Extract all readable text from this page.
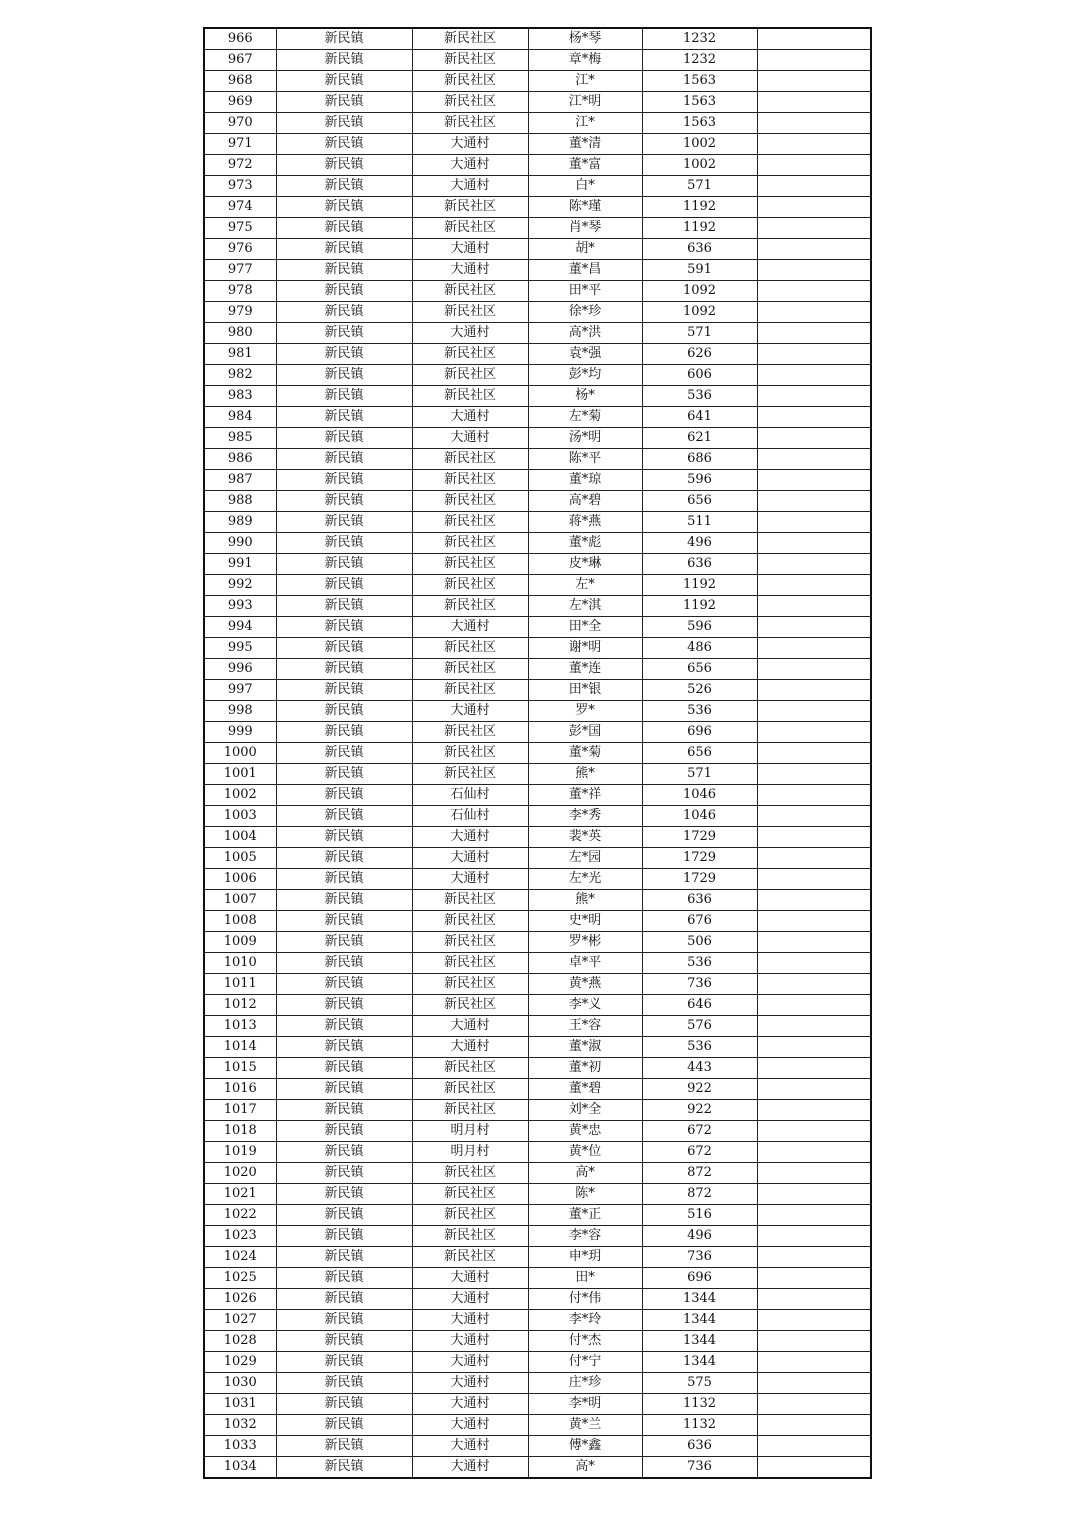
966	新民镇	新民社区	杨*琴	1232	
967	新民镇	新民社区	章*梅	1232	
968	新民镇	新民社区	江*	1563	
969	新民镇	新民社区	江*明	1563	
970	新民镇	新民社区	江*	1563	
971	新民镇	大通村	董*清	1002	
972	新民镇	大通村	董*富	1002	
973	新民镇	大通村	白*	571	
974	新民镇	新民社区	陈*瑾	1192	
975	新民镇	新民社区	肖*琴	1192	
976	新民镇	大通村	胡*	636	
977	新民镇	大通村	董*昌	591	
978	新民镇	新民社区	田*平	1092	
979	新民镇	新民社区	徐*珍	1092	
980	新民镇	大通村	高*洪	571	
981	新民镇	新民社区	袁*强	626	
982	新民镇	新民社区	彭*均	606	
983	新民镇	新民社区	杨*	536	
984	新民镇	大通村	左*菊	641	
985	新民镇	大通村	汤*明	621	
986	新民镇	新民社区	陈*平	686	
987	新民镇	新民社区	董*琼	596	
988	新民镇	新民社区	高*碧	656	
989	新民镇	新民社区	蒋*燕	511	
990	新民镇	新民社区	董*彪	496	
991	新民镇	新民社区	皮*琳	636	
992	新民镇	新民社区	左*	1192	
993	新民镇	新民社区	左*淇	1192	
994	新民镇	大通村	田*全	596	
995	新民镇	新民社区	谢*明	486	
996	新民镇	新民社区	董*连	656	
997	新民镇	新民社区	田*银	526	
998	新民镇	大通村	罗*	536	
999	新民镇	新民社区	彭*国	696	
1000	新民镇	新民社区	董*菊	656	
1001	新民镇	新民社区	熊*	571	
1002	新民镇	石仙村	董*祥	1046	
1003	新民镇	石仙村	李*秀	1046	
1004	新民镇	大通村	裴*英	1729	
1005	新民镇	大通村	左*园	1729	
1006	新民镇	大通村	左*光	1729	
1007	新民镇	新民社区	熊*	636	
1008	新民镇	新民社区	史*明	676	
1009	新民镇	新民社区	罗*彬	506	
1010	新民镇	新民社区	卓*平	536	
1011	新民镇	新民社区	黄*燕	736	
1012	新民镇	新民社区	李*义	646	
1013	新民镇	大通村	王*容	576	
1014	新民镇	大通村	董*淑	536	
1015	新民镇	新民社区	董*初	443	
1016	新民镇	新民社区	董*碧	922	
1017	新民镇	新民社区	刘*全	922	
1018	新民镇	明月村	黄*忠	672	
1019	新民镇	明月村	黄*位	672	
1020	新民镇	新民社区	高*	872	
1021	新民镇	新民社区	陈*	872	
1022	新民镇	新民社区	董*正	516	
1023	新民镇	新民社区	李*容	496	
1024	新民镇	新民社区	申*玥	736	
1025	新民镇	大通村	田*	696	
1026	新民镇	大通村	付*伟	1344	
1027	新民镇	大通村	李*玲	1344	
1028	新民镇	大通村	付*杰	1344	
1029	新民镇	大通村	付*宁	1344	
1030	新民镇	大通村	庄*珍	575	
1031	新民镇	大通村	李*明	1132	
1032	新民镇	大通村	黄*兰	1132	
1033	新民镇	大通村	傅*鑫	636	
1034	新民镇	大通村	高*	736	
